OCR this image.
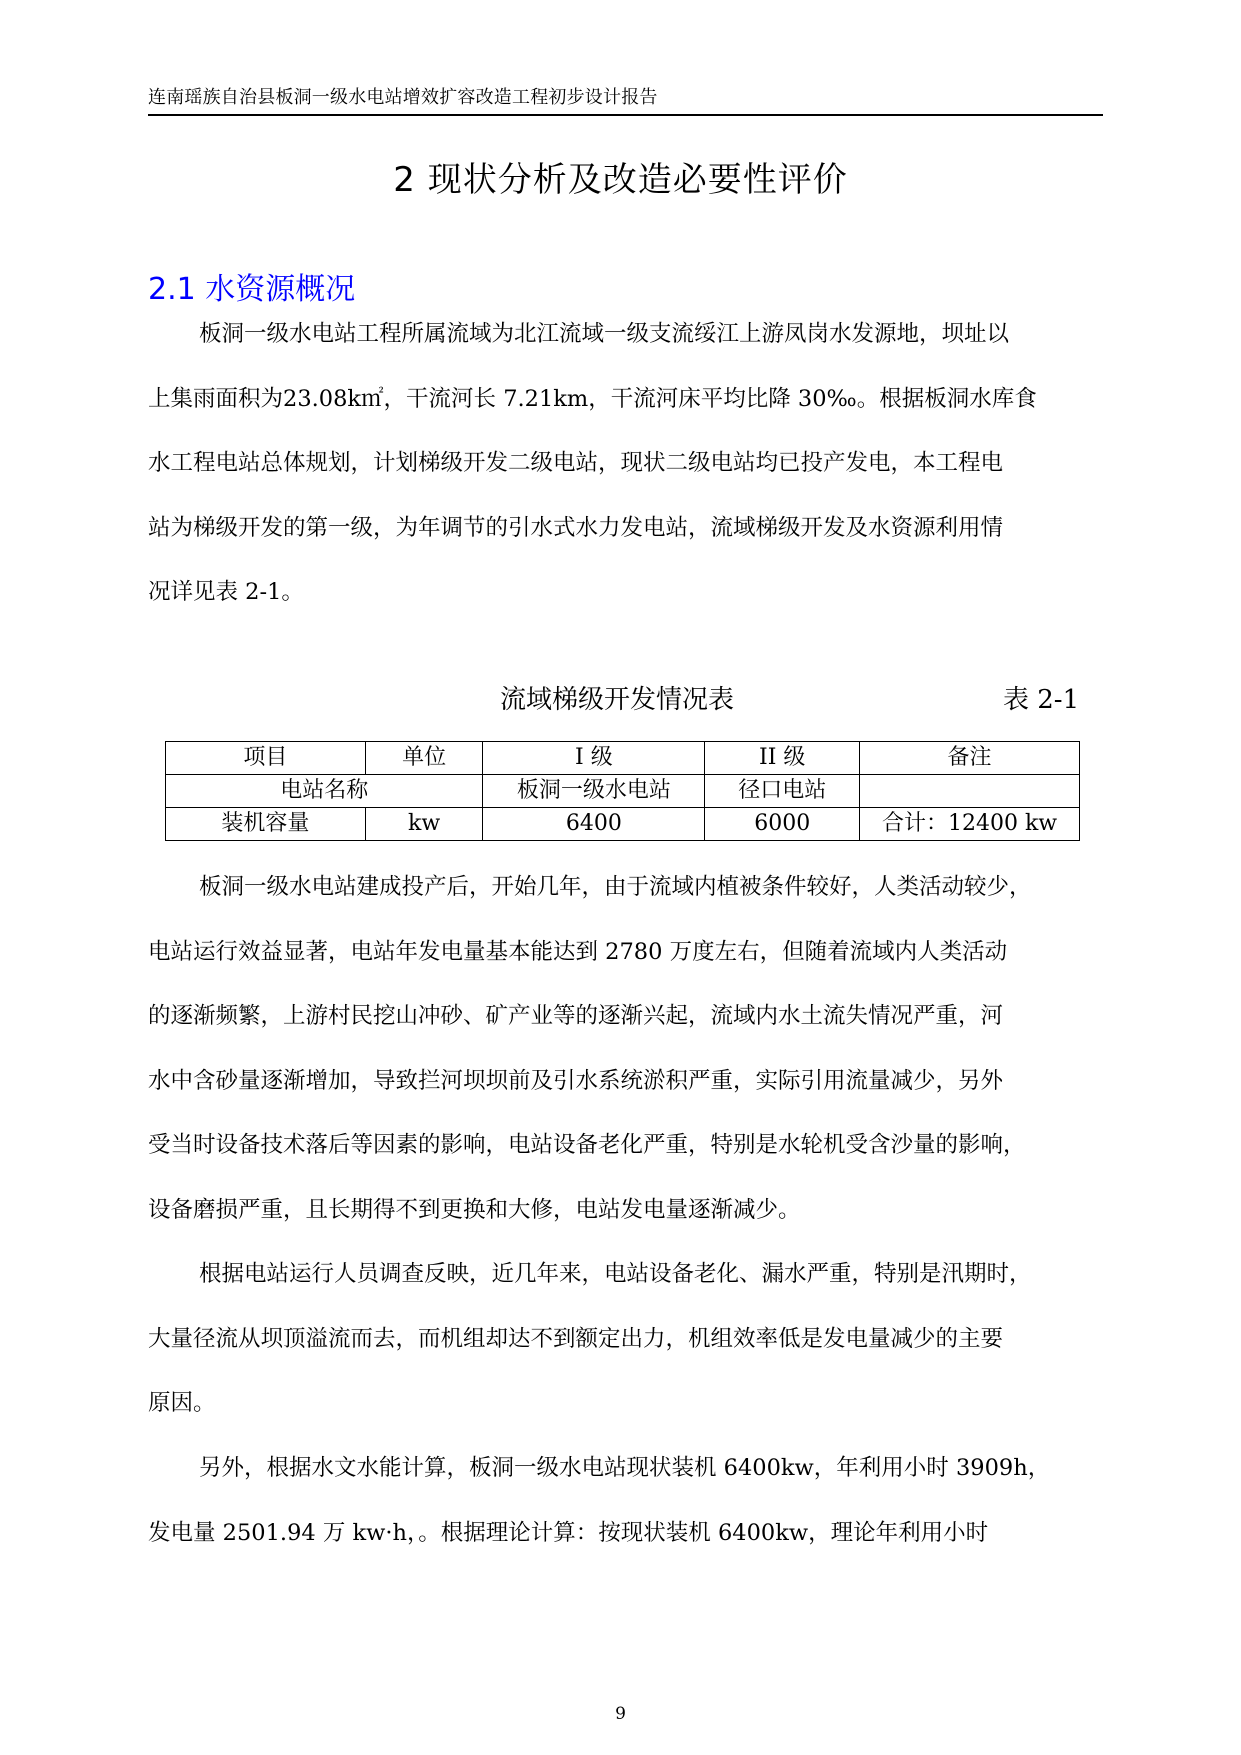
连南瑶族自治县板洞一级水电站增效扩容改造工程初步设计报告
2 现状分析及改造必要性评价
2.1 水资源概况
板洞一级水电站工程所属流域为北江流域一级支流绥江上游凤岗水发源地，坝址以
上集雨面积为23.08k㎡，干流河长 7.21km，干流河床平均比降 30‰。根据板洞水库食
水工程电站总体规划，计划梯级开发二级电站，现状二级电站均已投产发电，本工程电
站为梯级开发的第一级，为年调节的引水式水力发电站，流域梯级开发及水资源利用情
况详见表 2-1。
流域梯级开发情况表	表 2-1
项目	单位	I 级	II 级	备注
电站名称		板洞一级水电站	径口电站	
装机容量	kw	6400	6000	合计：12400 kw
板洞一级水电站建成投产后，开始几年，由于流域内植被条件较好，人类活动较少，
电站运行效益显著，电站年发电量基本能达到 2780 万度左右，但随着流域内人类活动
的逐渐频繁，上游村民挖山冲砂、矿产业等的逐渐兴起，流域内水土流失情况严重，河
水中含砂量逐渐增加，导致拦河坝坝前及引水系统淤积严重，实际引用流量减少，另外
受当时设备技术落后等因素的影响，电站设备老化严重，特别是水轮机受含沙量的影响，
设备磨损严重，且长期得不到更换和大修，电站发电量逐渐减少。
根据电站运行人员调查反映，近几年来，电站设备老化、漏水严重，特别是汛期时，
大量径流从坝顶溢流而去，而机组却达不到额定出力，机组效率低是发电量减少的主要
原因。
另外，根据水文水能计算，板洞一级水电站现状装机 6400kw，年利用小时 3909h，
发电量 2501.94 万 kw·h，。根据理论计算：按现状装机 6400kw，理论年利用小时
9
